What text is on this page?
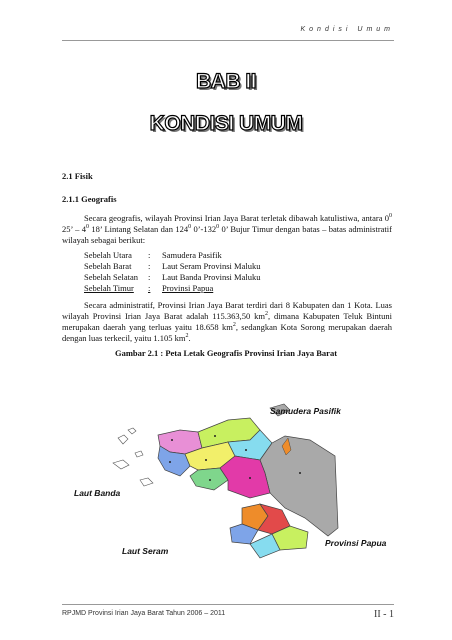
Kondisi Umum
BAB II
KONDISI UMUM
2.1 Fisik
2.1.1 Geografis
Secara geografis, wilayah Provinsi Irian Jaya Barat terletak dibawah katulistiwa, antara $0^0$ 25’ – $4^0$ 18’ Lintang Selatan dan $124^0$ $0’-132^0$ 0’ Bujur Timur dengan batas – batas administratif wilayah sebagai berikut:
Sebelah Utara	:	Samudera Pasifik
Sebelah Barat	:	Laut Seram Provinsi Maluku
Sebelah Selatan	:	Laut Banda Provinsi Maluku
Sebelah Timur	:	Provinsi Papua
Secara administratif, Provinsi Irian Jaya Barat terdiri dari 8 Kabupaten dan 1 Kota. Luas wilayah Provinsi Irian Jaya Barat adalah 115.363,50 $km^2$, dimana Kabupaten Teluk Bintuni merupakan daerah yang terluas yaitu 18.658 $km^2$, sedangkan Kota Sorong merupakan daerah dengan luas terkecil, yaitu 1.105 $km^2$.
Gambar 2.1 : Peta Letak Geografis Provinsi Irian Jaya Barat
Samudera Pasifik
Laut Banda
Laut Seram
Provinsi Papua
RPJMD Provinsi Irian Jaya Barat Tahun 2006 – 2011	II - 1
